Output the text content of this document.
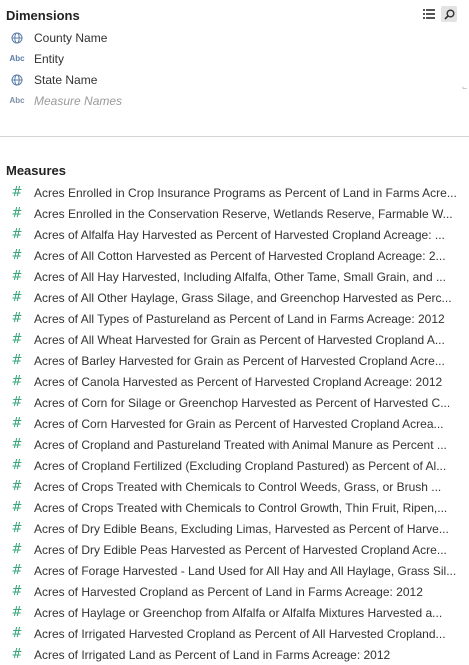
Dimensions
County Name
Abc Entity
State Name
Abc Measure Names
⨽
Measures
# Acres Enrolled in Crop Insurance Programs as Percent of Land in Farms Acre...
# Acres Enrolled in the Conservation Reserve, Wetlands Reserve, Farmable W...
# Acres of Alfalfa Hay Harvested as Percent of Harvested Cropland Acreage: ...
# Acres of All Cotton Harvested as Percent of Harvested Cropland Acreage: 2...
# Acres of All Hay Harvested, Including Alfalfa, Other Tame, Small Grain, and ...
# Acres of All Other Haylage, Grass Silage, and Greenchop Harvested as Perc...
# Acres of All Types of Pastureland as Percent of Land in Farms Acreage: 2012
# Acres of All Wheat Harvested for Grain as Percent of Harvested Cropland A...
# Acres of Barley Harvested for Grain as Percent of Harvested Cropland Acre...
# Acres of Canola Harvested as Percent of Harvested Cropland Acreage: 2012
# Acres of Corn for Silage or Greenchop Harvested as Percent of Harvested C...
# Acres of Corn Harvested for Grain as Percent of Harvested Cropland Acrea...
# Acres of Cropland and Pastureland Treated with Animal Manure as Percent ...
# Acres of Cropland Fertilized (Excluding Cropland Pastured) as Percent of Al...
# Acres of Crops Treated with Chemicals to Control Weeds, Grass, or Brush ...
# Acres of Crops Treated with Chemicals to Control Growth, Thin Fruit, Ripen,...
# Acres of Dry Edible Beans, Excluding Limas, Harvested as Percent of Harve...
# Acres of Dry Edible Peas Harvested as Percent of Harvested Cropland Acre...
# Acres of Forage Harvested - Land Used for All Hay and All Haylage, Grass Sil...
# Acres of Harvested Cropland as Percent of Land in Farms Acreage: 2012
# Acres of Haylage or Greenchop from Alfalfa or Alfalfa Mixtures Harvested a...
# Acres of Irrigated Harvested Cropland as Percent of All Harvested Cropland...
# Acres of Irrigated Land as Percent of Land in Farms Acreage: 2012
